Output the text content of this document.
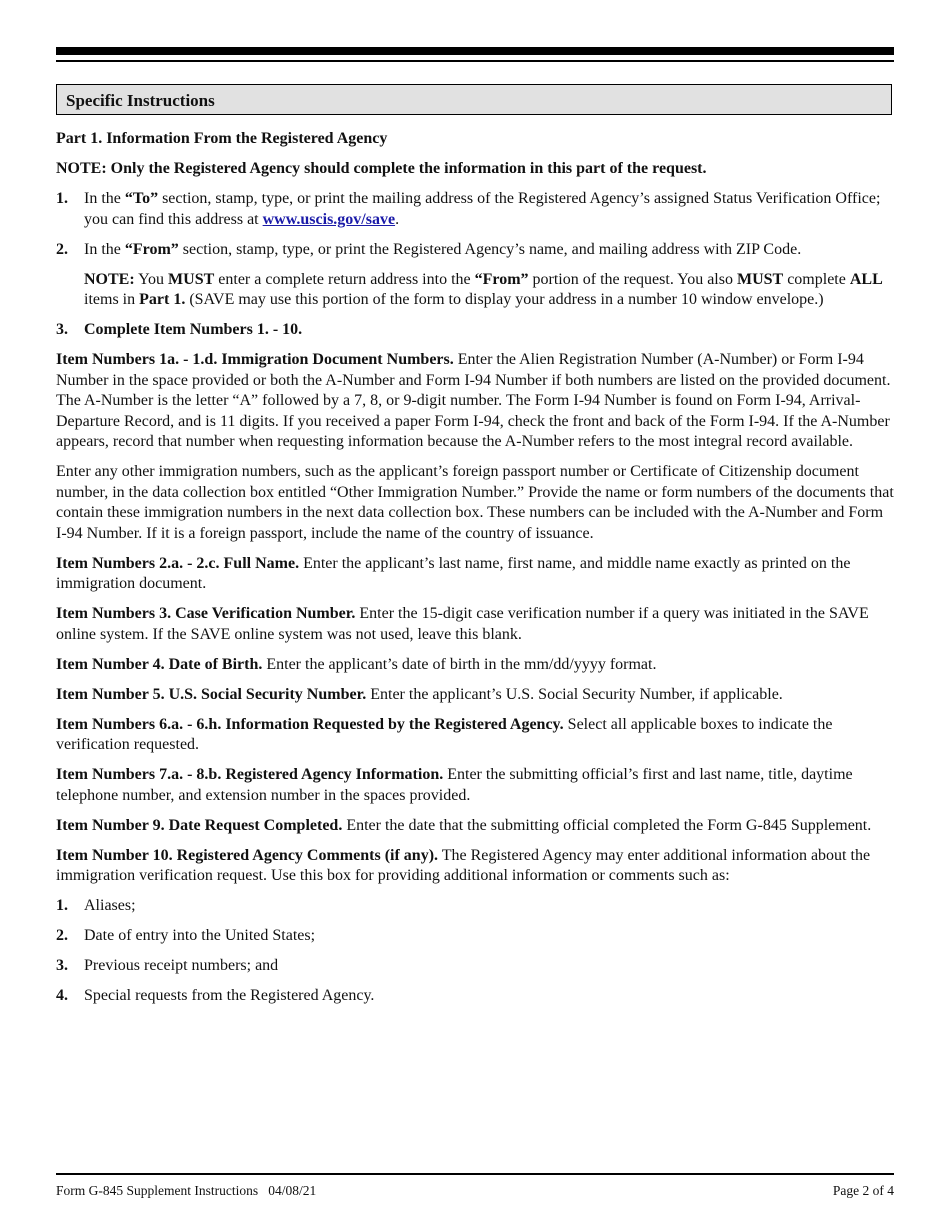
Specific Instructions

Part 1. Information From the Registered Agency

NOTE: Only the Registered Agency should complete the information in this part of the request.

1.	In the “To” section, stamp, type, or print the mailing address of the Registered Agency’s assigned Status Verification Office; you can find this address at www.uscis.gov/save.
2.	In the “From” section, stamp, type, or print the Registered Agency’s name, and mailing address with ZIP Code.

NOTE: You MUST enter a complete return address into the “From” portion of the request. You also MUST complete ALL items in Part 1. (SAVE may use this portion of the form to display your address in a number 10 window envelope.)

3.	Complete Item Numbers 1. - 10.

Item Numbers 1a. - 1.d. Immigration Document Numbers. Enter the Alien Registration Number (A-Number) or Form I-94 Number in the space provided or both the A-Number and Form I-94 Number if both numbers are listed on the provided document. The A-Number is the letter “A” followed by a 7, 8, or 9-digit number. The Form I-94 Number is found on Form I-94, Arrival-Departure Record, and is 11 digits. If you received a paper Form I-94, check the front and back of the Form I-94. If the A-Number appears, record that number when requesting information because the A-Number refers to the most integral record available.

Enter any other immigration numbers, such as the applicant’s foreign passport number or Certificate of Citizenship document number, in the data collection box entitled “Other Immigration Number.” Provide the name or form numbers of the documents that contain these immigration numbers in the next data collection box. These numbers can be included with the A-Number and Form I-94 Number. If it is a foreign passport, include the name of the country of issuance.

Item Numbers 2.a. - 2.c. Full Name. Enter the applicant’s last name, first name, and middle name exactly as printed on the immigration document.

Item Numbers 3. Case Verification Number. Enter the 15-digit case verification number if a query was initiated in the SAVE online system. If the SAVE online system was not used, leave this blank.

Item Number 4. Date of Birth. Enter the applicant’s date of birth in the mm/dd/yyyy format.

Item Number 5. U.S. Social Security Number. Enter the applicant’s U.S. Social Security Number, if applicable.

Item Numbers 6.a. - 6.h. Information Requested by the Registered Agency. Select all applicable boxes to indicate the verification requested.

Item Numbers 7.a. - 8.b. Registered Agency Information. Enter the submitting official’s first and last name, title, daytime telephone number, and extension number in the spaces provided.

Item Number 9. Date Request Completed. Enter the date that the submitting official completed the Form G-845 Supplement.

Item Number 10. Registered Agency Comments (if any). The Registered Agency may enter additional information about the immigration verification request. Use this box for providing additional information or comments such as:

1.	Aliases;
2.	Date of entry into the United States;
3.	Previous receipt numbers; and
4.	Special requests from the Registered Agency.
Form G-845 Supplement Instructions   04/08/21	Page 2 of 4
